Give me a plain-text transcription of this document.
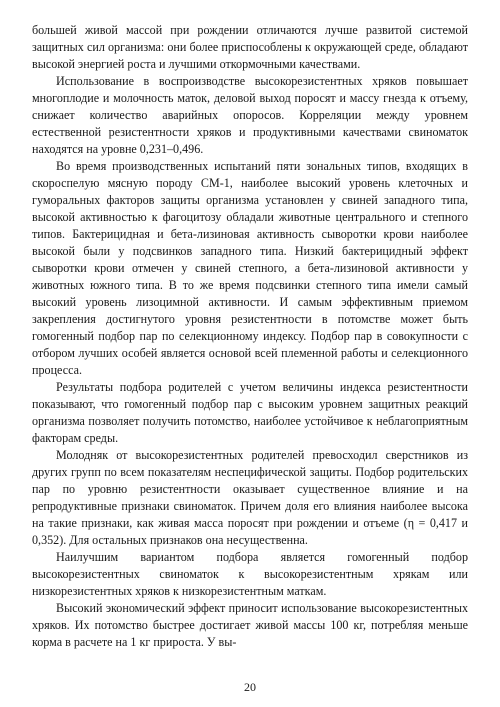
большей живой массой при рождении отличаются лучше развитой системой защитных сил организма: они более приспособлены к окружающей среде, обладают высокой энергией роста и лучшими откормочными качествами.

Использование в воспроизводстве высокорезистентных хряков повышает многоплодие и молочность маток, деловой выход поросят и массу гнезда к отъему, снижает количество аварийных опоросов. Корреляции между уровнем естественной резистентности хряков и продуктивными качествами свиноматок находятся на уровне 0,231–0,496.

Во время производственных испытаний пяти зональных типов, входящих в скороспелую мясную породу СМ-1, наиболее высокий уровень клеточных и гуморальных факторов защиты организма установлен у свиней западного типа, высокой активностью к фагоцитозу обладали животные центрального и степного типов. Бактерицидная и бета-лизиновая активность сыворотки крови наиболее высокой были у подсвинков западного типа. Низкий бактерицидный эффект сыворотки крови отмечен у свиней степного, а бета-лизиновой активности у животных южного типа. В то же время подсвинки степного типа имели самый высокий уровень лизоцимной активности. И самым эффективным приемом закрепления достигнутого уровня резистентности в потомстве может быть гомогенный подбор пар по селекционному индексу. Подбор пар в совокупности с отбором лучших особей является основой всей племенной работы и селекционного процесса.

Результаты подбора родителей с учетом величины индекса резистентности показывают, что гомогенный подбор пар с высоким уровнем защитных реакций организма позволяет получить потомство, наиболее устойчивое к неблагоприятным факторам среды.

Молодняк от высокорезистентных родителей превосходил сверстников из других групп по всем показателям неспецифической защиты. Подбор родительских пар по уровню резистентности оказывает существенное влияние и на репродуктивные признаки свиноматок. Причем доля его влияния наиболее высока на такие признаки, как живая масса поросят при рождении и отъеме (η = 0,417 и 0,352). Для остальных признаков она несущественна.

Наилучшим вариантом подбора является гомогенный подбор высокорезистентных свиноматок к высокорезистентным хрякам или низкорезистентных хряков к низкорезистентным маткам.

Высокий экономический эффект приносит использование высокорезистентных хряков. Их потомство быстрее достигает живой массы 100 кг, потребляя меньше корма в расчете на 1 кг прироста. У вы-

20
